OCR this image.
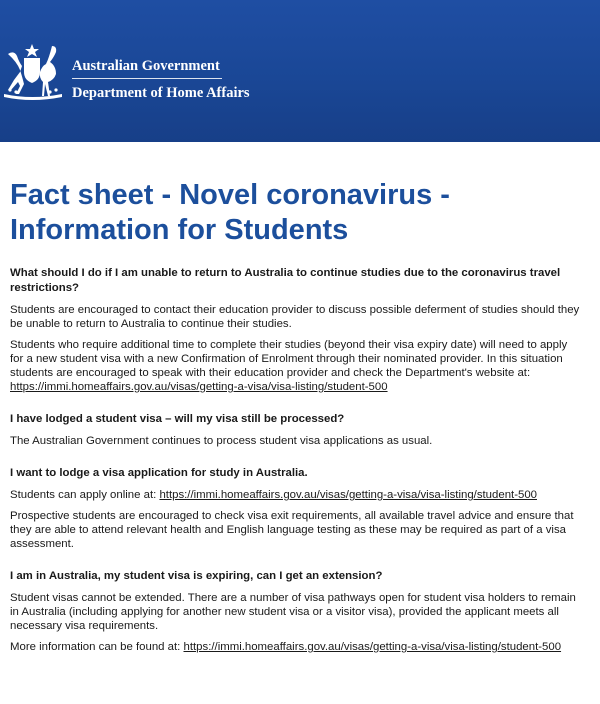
Australian Government
Department of Home Affairs
Fact sheet - Novel coronavirus - Information for Students
What should I do if I am unable to return to Australia to continue studies due to the coronavirus travel restrictions?

Students are encouraged to contact their education provider to discuss possible deferment of studies should they be unable to return to Australia to continue their studies.

Students who require additional time to complete their studies (beyond their visa expiry date) will need to apply for a new student visa with a new Confirmation of Enrolment through their nominated provider. In this situation students are encouraged to speak with their education provider and check the Department's website at: https://immi.homeaffairs.gov.au/visas/getting-a-visa/visa-listing/student-500

I have lodged a student visa – will my visa still be processed?

The Australian Government continues to process student visa applications as usual.

I want to lodge a visa application for study in Australia.

Students can apply online at: https://immi.homeaffairs.gov.au/visas/getting-a-visa/visa-listing/student-500

Prospective students are encouraged to check visa exit requirements, all available travel advice and ensure that they are able to attend relevant health and English language testing as these may be required as part of a visa assessment.

I am in Australia, my student visa is expiring, can I get an extension?

Student visas cannot be extended. There are a number of visa pathways open for student visa holders to remain in Australia (including applying for another new student visa or a visitor visa), provided the applicant meets all necessary visa requirements.

More information can be found at: https://immi.homeaffairs.gov.au/visas/getting-a-visa/visa-listing/student-500
